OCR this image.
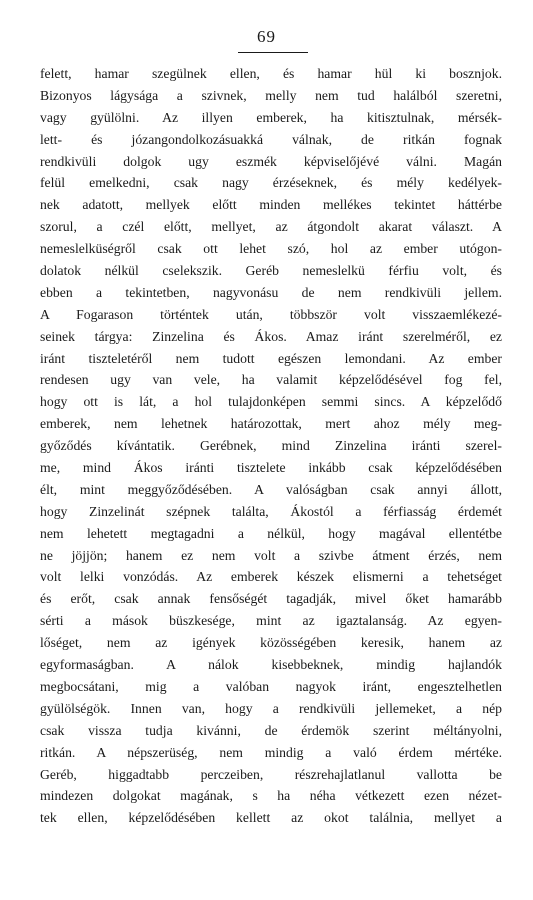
69
felett, hamar szegülnek ellen, és hamar hül ki bosznjok.
Bizonyos lágysága a szivnek, melly nem tud halálból szeretni,
vagy gyülölni. Az illyen emberek, ha kitisztulnak, mérsék-
lett- és józangondolkozásuakká válnak, de ritkán fognak
rendkivüli dolgok ugy eszmék képviselőjévé válni. Magán
felül emelkedni, csak nagy érzéseknek, és mély kedélyek-
nek adatott, mellyek előtt minden mellékes tekintet háttérbe
szorul, a czél előtt, mellyet, az átgondolt akarat választ. A
nemeslelküségről csak ott lehet szó, hol az ember utógon-
dolatok nélkül cselekszik. Geréb nemeslelkü férfiu volt, és
ebben a tekintetben, nagyvonásu de nem rendkivüli jellem.
A Fogarason történtek után, többször volt visszaemlékezé-
seinek tárgya: Zinzelina és Ákos. Amaz iránt szerelméről, ez
iránt tiszteletéről nem tudott egészen lemondani. Az ember
rendesen ugy van vele, ha valamit képzelődésével fog fel,
hogy ott is lát, a hol tulajdonképen semmi sincs. A képzelődő
emberek, nem lehetnek határozottak, mert ahoz mély meg-
győződés kívántatik. Gerébnek, mind Zinzelina iránti szerel-
me, mind Ákos iránti tisztelete inkább csak képzelődésében
élt, mint meggyőződésében. A valóságban csak annyi állott,
hogy Zinzelinát szépnek találta, Ákostól a férfiasság érdemét
nem lehetett megtagadni a nélkül, hogy magával ellentétbe
ne jöjjön; hanem ez nem volt a szivbe átment érzés, nem
volt lelki vonzódás. Az emberek készek elismerni a tehetséget
és erőt, csak annak fensőségét tagadják, mivel őket hamarább
sérti a mások büszkesége, mint az igaztalanság. Az egyen-
lőséget, nem az igények közösségében keresik, hanem az
egyformaságban. A nálok kisebbeknek, mindig hajlandók
megbocsátani, mig a valóban nagyok iránt, engesztelhetlen
gyülölségök. Innen van, hogy a rendkivüli jellemeket, a nép
csak vissza tudja kivánni, de érdemök szerint méltányolni,
ritkán. A népszerüség, nem mindig a való érdem mértéke.
Geréb, higgadtabb perczeiben, részrehajlatlanul vallotta be
mindezen dolgokat magának, s ha néha vétkezett ezen nézet-
tek ellen, képzelődésében kellett az okot találnia, mellyet a
